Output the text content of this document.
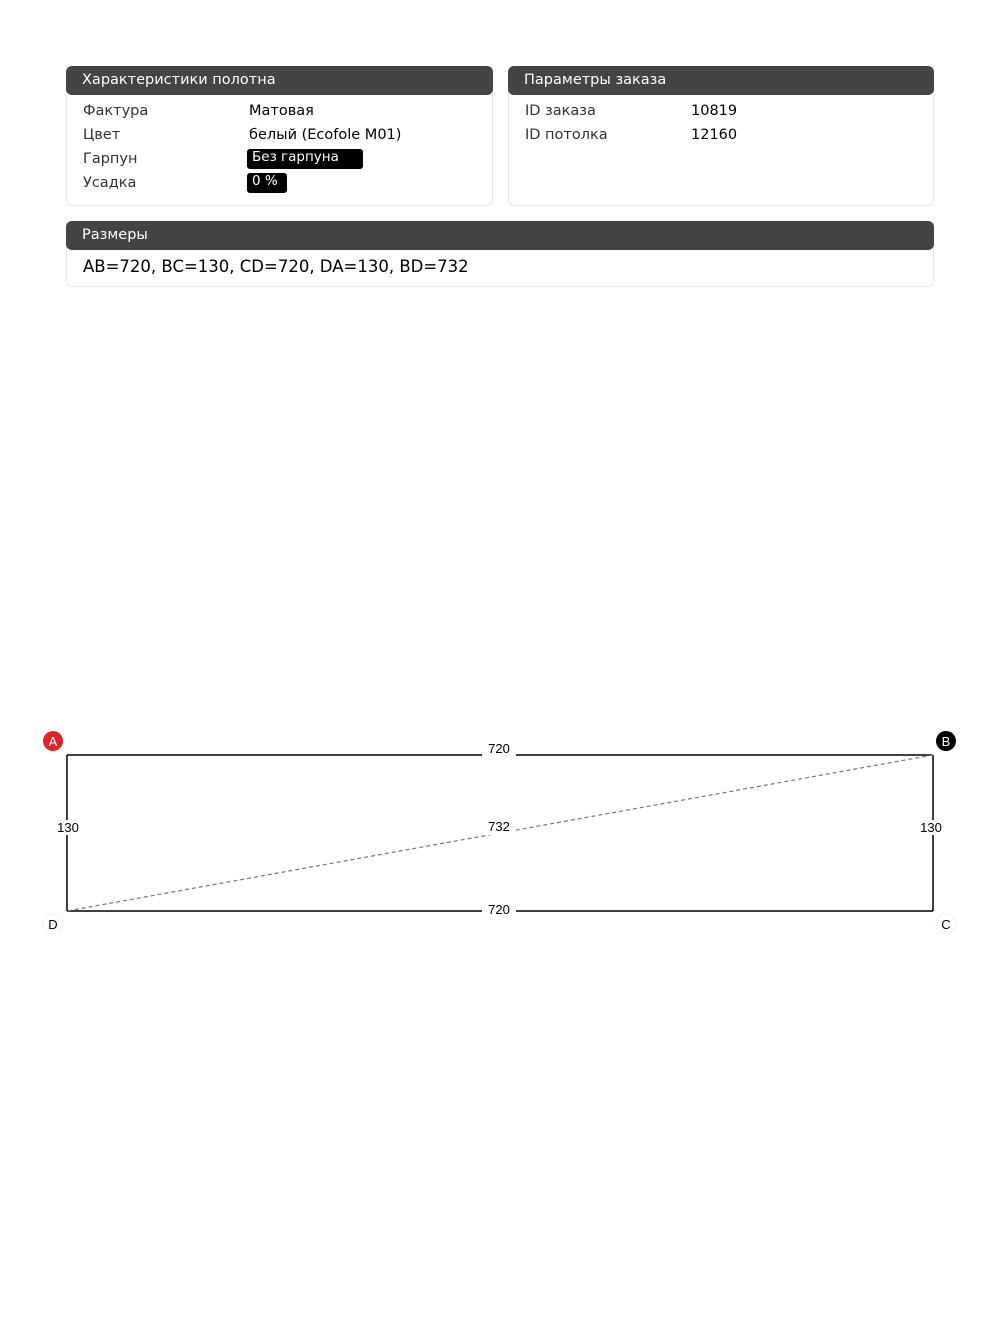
Характеристики полотна
Фактура	Матовая
Цвет	белый (Ecofole M01)
Гарпун	Без гарпуна
Усадка	0 %
Параметры заказа
ID заказа	10819
ID потолка	12160
Размеры
AB=720, BC=130, CD=720, DA=130, BD=732
720
720
130	130
732
A	B
C
D
